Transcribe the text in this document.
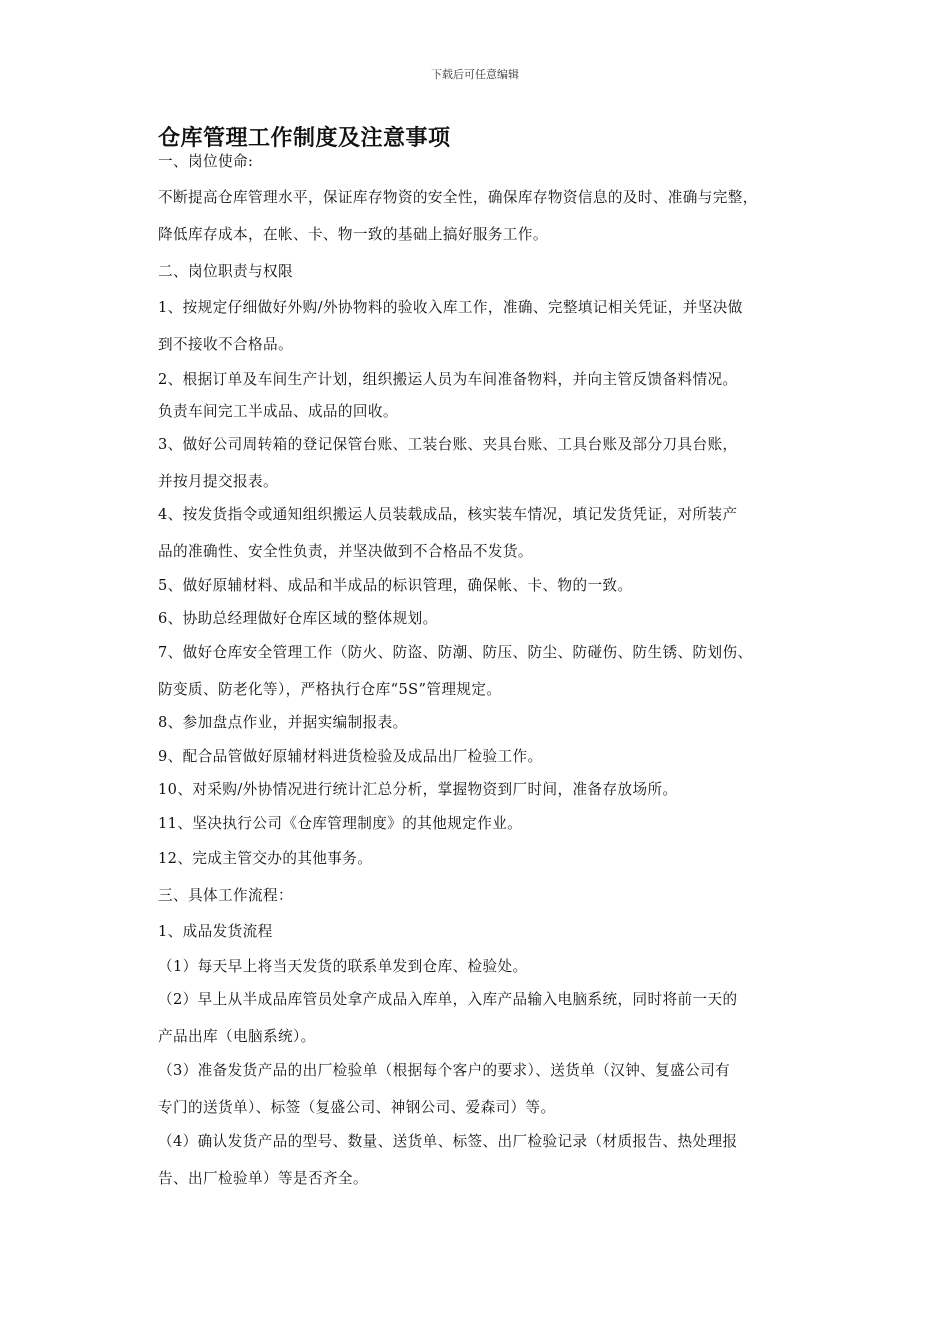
下载后可任意编辑
仓库管理工作制度及注意事项
一、岗位使命:
不断提高仓库管理水平，保证库存物资的安全性，确保库存物资信息的及时、准确与完整，
降低库存成本，在帐、卡、物一致的基础上搞好服务工作。
二、岗位职责与权限
1、按规定仔细做好外购/外协物料的验收入库工作，准确、完整填记相关凭证，并坚决做
到不接收不合格品。
2、根据订单及车间生产计划，组织搬运人员为车间准备物料，并向主管反馈备料情况。
负责车间完工半成品、成品的回收。
3、做好公司周转箱的登记保管台账、工装台账、夹具台账、工具台账及部分刀具台账，
并按月提交报表。
4、按发货指令或通知组织搬运人员装载成品，核实装车情况，填记发货凭证，对所装产
品的准确性、安全性负责，并坚决做到不合格品不发货。
5、做好原辅材料、成品和半成品的标识管理，确保帐、卡、物的一致。
6、协助总经理做好仓库区域的整体规划。
7、做好仓库安全管理工作（防火、防盗、防潮、防压、防尘、防碰伤、防生锈、防划伤、
防变质、防老化等），严格执行仓库“5S”管理规定。
8、参加盘点作业，并据实编制报表。
9、配合品管做好原辅材料进货检验及成品出厂检验工作。
10、对采购/外协情况进行统计汇总分析，掌握物资到厂时间，准备存放场所。
11、坚决执行公司《仓库管理制度》的其他规定作业。
12、完成主管交办的其他事务。
三、具体工作流程：
1、成品发货流程
（1）每天早上将当天发货的联系单发到仓库、检验处。
（2）早上从半成品库管员处拿产成品入库单，入库产品输入电脑系统，同时将前一天的
产品出库（电脑系统）。
（3）准备发货产品的出厂检验单（根据每个客户的要求）、送货单（汉钟、复盛公司有
专门的送货单）、标签（复盛公司、神钢公司、爱森司）等。
（4）确认发货产品的型号、数量、送货单、标签、出厂检验记录（材质报告、热处理报
告、出厂检验单）等是否齐全。
